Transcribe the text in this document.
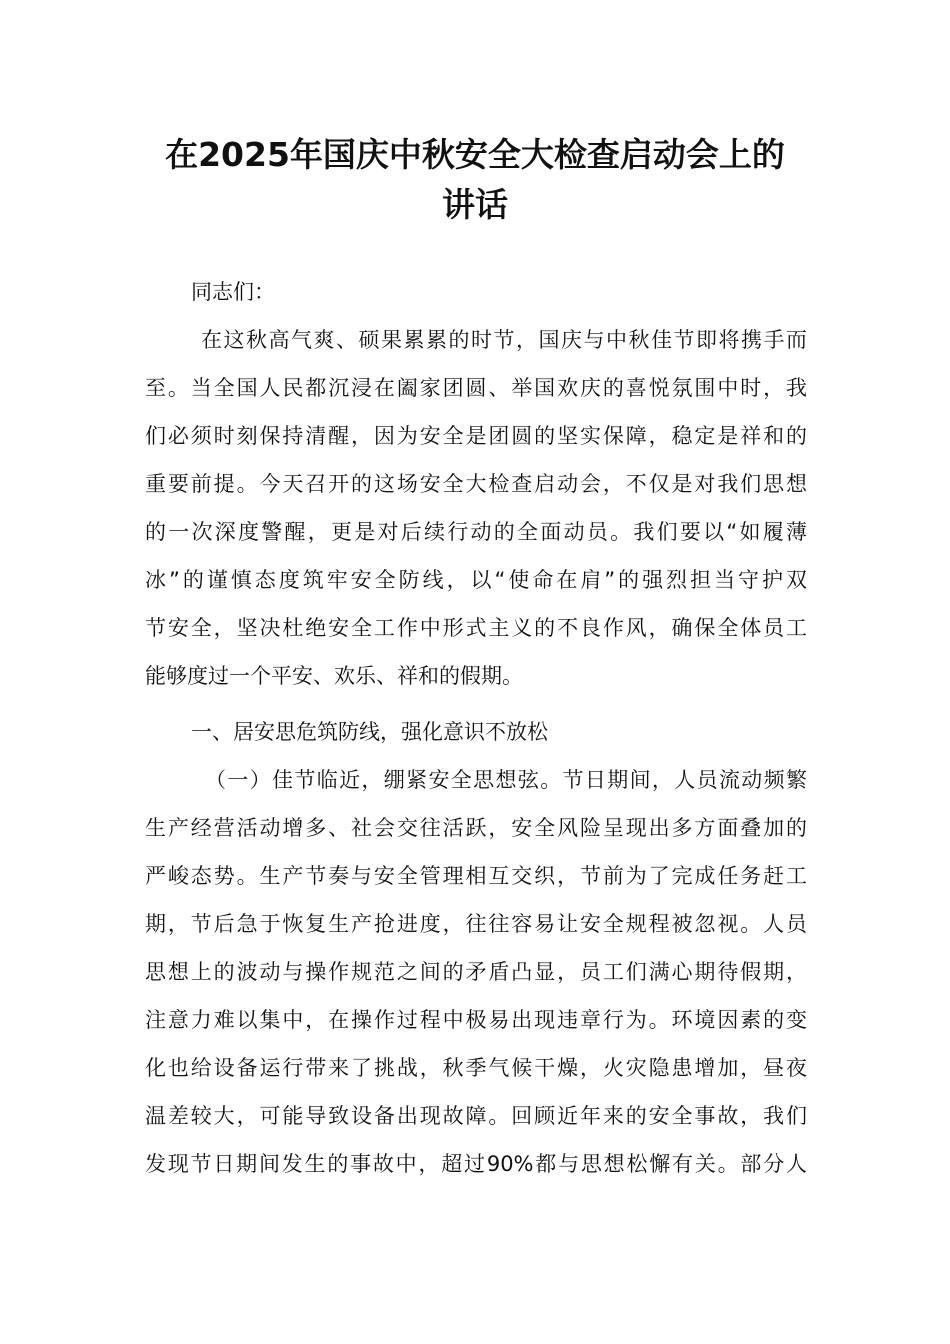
在2025年国庆中秋安全大检查启动会上的
讲话
同志们：
在这秋高气爽、硕果累累的时节，国庆与中秋佳节即将携手而
至。当全国人民都沉浸在阖家团圆、举国欢庆的喜悦氛围中时，我
们必须时刻保持清醒，因为安全是团圆的坚实保障，稳定是祥和的
重要前提。今天召开的这场安全大检查启动会，不仅是对我们思想
的一次深度警醒，更是对后续行动的全面动员。我们要以“如履薄
冰”的谨慎态度筑牢安全防线，以“使命在肩”的强烈担当守护双
节安全，坚决杜绝安全工作中形式主义的不良作风，确保全体员工
能够度过一个平安、欢乐、祥和的假期。
一、居安思危筑防线，强化意识不放松
（一）佳节临近，绷紧安全思想弦。节日期间，人员流动频繁
生产经营活动增多、社会交往活跃，安全风险呈现出多方面叠加的
严峻态势。生产节奏与安全管理相互交织，节前为了完成任务赶工
期，节后急于恢复生产抢进度，往往容易让安全规程被忽视。人员
思想上的波动与操作规范之间的矛盾凸显，员工们满心期待假期，
注意力难以集中，在操作过程中极易出现违章行为。环境因素的变
化也给设备运行带来了挑战，秋季气候干燥，火灾隐患增加，昼夜
温差较大，可能导致设备出现故障。回顾近年来的安全事故，我们
发现节日期间发生的事故中，超过90%都与思想松懈有关。部分人
